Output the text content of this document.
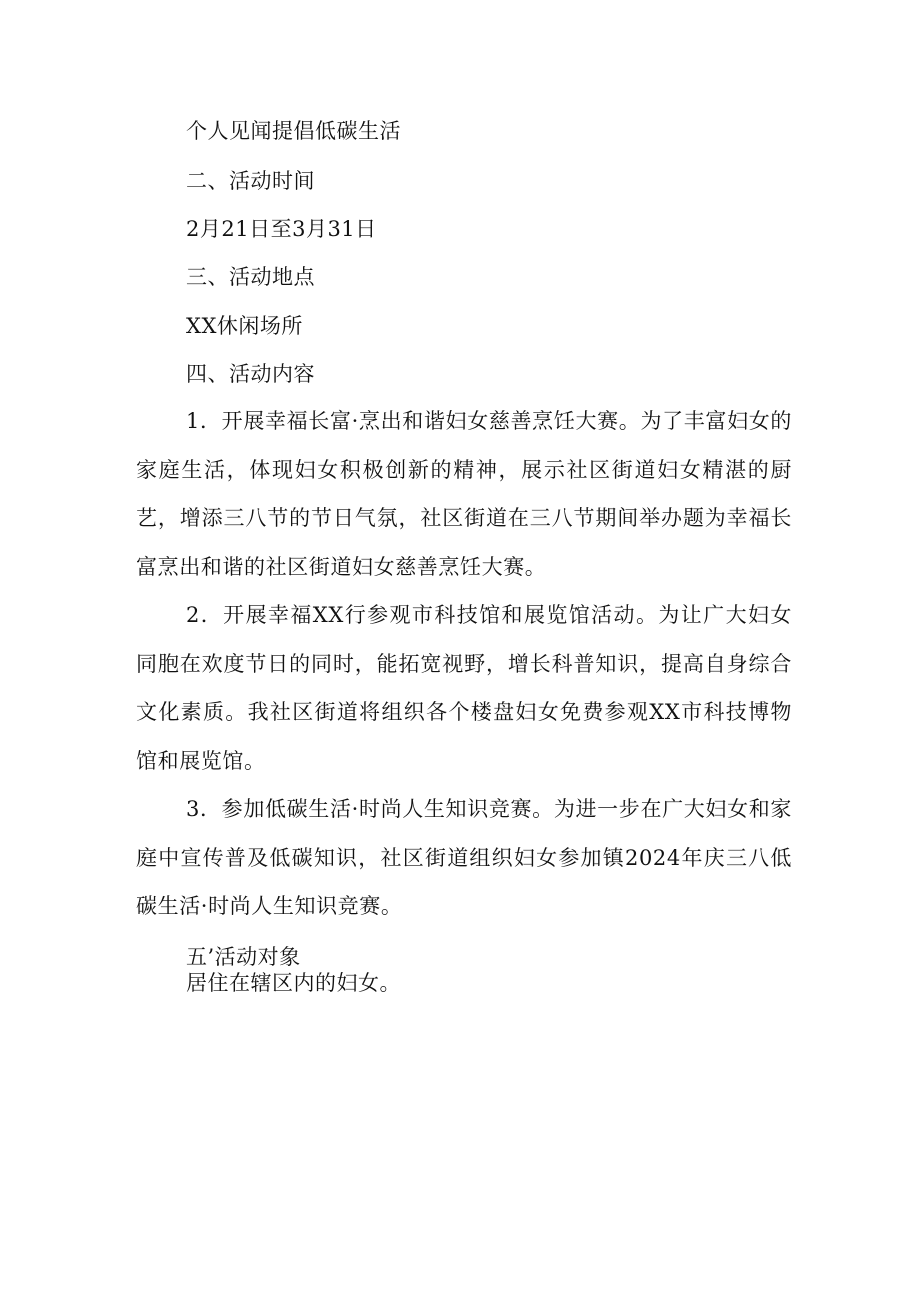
个人见闻提倡低碳生活
二、活动时间
2月21日至3月31日
三、活动地点
XX休闲场所
四、活动内容

1．开展幸福长富·烹出和谐妇女慈善烹饪大赛。为了丰富妇女的家庭生活，体现妇女积极创新的精神，展示社区街道妇女精湛的厨艺，增添三八节的节日气氛，社区街道在三八节期间举办题为幸福长富烹出和谐的社区街道妇女慈善烹饪大赛。

2．开展幸福XX行参观市科技馆和展览馆活动。为让广大妇女同胞在欢度节日的同时，能拓宽视野，增长科普知识，提高自身综合文化素质。我社区街道将组织各个楼盘妇女免费参观XX市科技博物馆和展览馆。

3．参加低碳生活·时尚人生知识竞赛。为进一步在广大妇女和家庭中宣传普及低碳知识，社区街道组织妇女参加镇2024年庆三八低碳生活·时尚人生知识竞赛。

五’活动对象
居住在辖区内的妇女。
